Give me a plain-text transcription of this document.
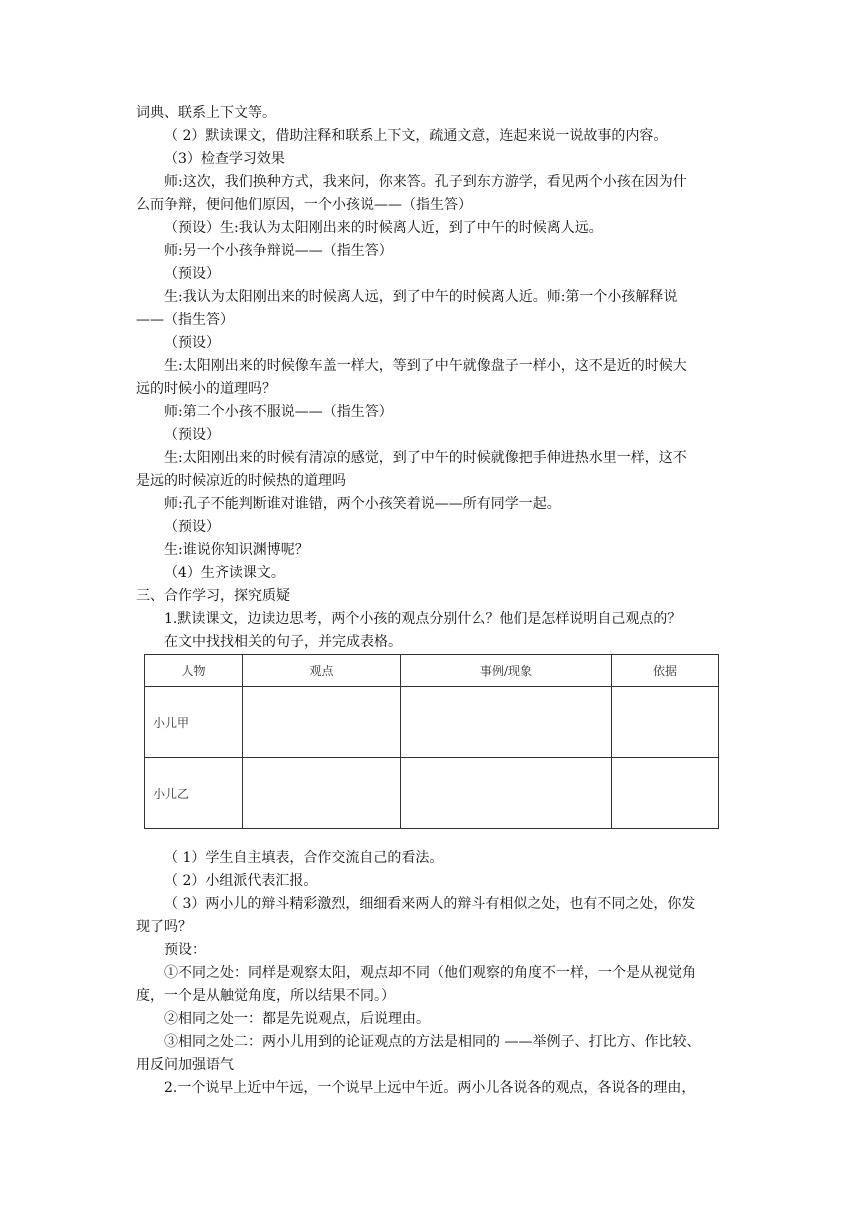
词典、联系上下文等。
（ 2）默读课文，借助注释和联系上下文，疏通文意，连起来说一说故事的内容。
（3）检查学习效果
师:这次，我们换种方式，我来问，你来答。孔子到东方游学，看见两个小孩在因为什
么而争辩，便问他们原因，一个小孩说——（指生答）
（预设）生:我认为太阳刚出来的时候离人近，到了中午的时候离人远。
师:另一个小孩争辩说——（指生答）
（预设）
生:我认为太阳刚出来的时候离人远，到了中午的时候离人近。师:第一个小孩解释说
——（指生答）
（预设）
生:太阳刚出来的时候像车盖一样大，等到了中午就像盘子一样小，这不是近的时候大
远的时候小的道理吗？
师:第二个小孩不服说——（指生答）
（预设）
生:太阳刚出来的时候有清凉的感觉，到了中午的时候就像把手伸进热水里一样，这不
是远的时候凉近的时候热的道理吗
师:孔子不能判断谁对谁错，两个小孩笑着说——所有同学一起。
（预设）
生:谁说你知识渊博呢？
（4）生齐读课文。
三、合作学习，探究质疑
1.默读课文，边读边思考，两个小孩的观点分别什么？他们是怎样说明自己观点的？
在文中找找相关的句子，并完成表格。
人物	观点	事例/现象	依据
小儿甲			
小儿乙			
（ 1）学生自主填表，合作交流自己的看法。
（ 2）小组派代表汇报。
（ 3）两小儿的辩斗精彩激烈，细细看来两人的辩斗有相似之处，也有不同之处，你发
现了吗？
预设：
①不同之处：同样是观察太阳，观点却不同（他们观察的角度不一样，一个是从视觉角
度，一个是从触觉角度，所以结果不同。）
②相同之处一：都是先说观点，后说理由。
③相同之处二：两小儿用到的论证观点的方法是相同的 ——举例子、打比方、作比较、
用反问加强语气
2.一个说早上近中午远，一个说早上远中午近。两小儿各说各的观点，各说各的理由，
